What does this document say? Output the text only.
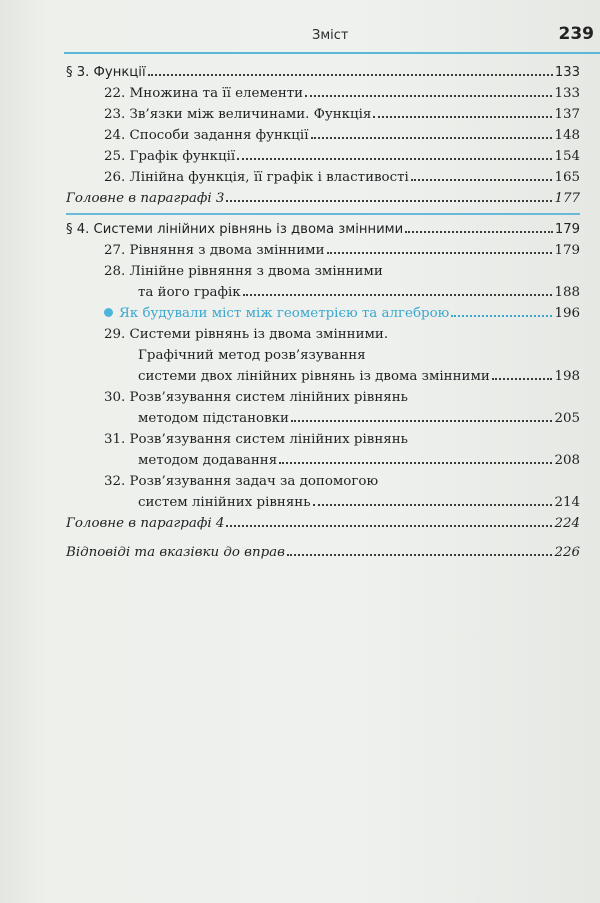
Зміст	239
§ 3. Функції	133
22. Множина та її елементи	133
23. Зв’язки між величинами. Функція	137
24. Способи задання функції	148
25. Графік функції	154
26. Лінійна функція, її графік і властивості	165
Головне в параграфі 3	177
§ 4. Системи лінійних рівнянь із двома змінними	179
27. Рівняння з двома змінними	179
28. Лінійне рівняння з двома змінними
та його графік	188
Як будували міст між геометрією та алгеброю	196
29. Системи рівнянь із двома змінними.
Графічний метод розв’язування
системи двох лінійних рівнянь із двома змінними	198
30. Розв’язування систем лінійних рівнянь
методом підстановки	205
31. Розв’язування систем лінійних рівнянь
методом додавання	208
32. Розв’язування задач за допомогою
систем лінійних рівнянь	214
Головне в параграфі 4	224
Відповіді та вказівки до вправ	226
